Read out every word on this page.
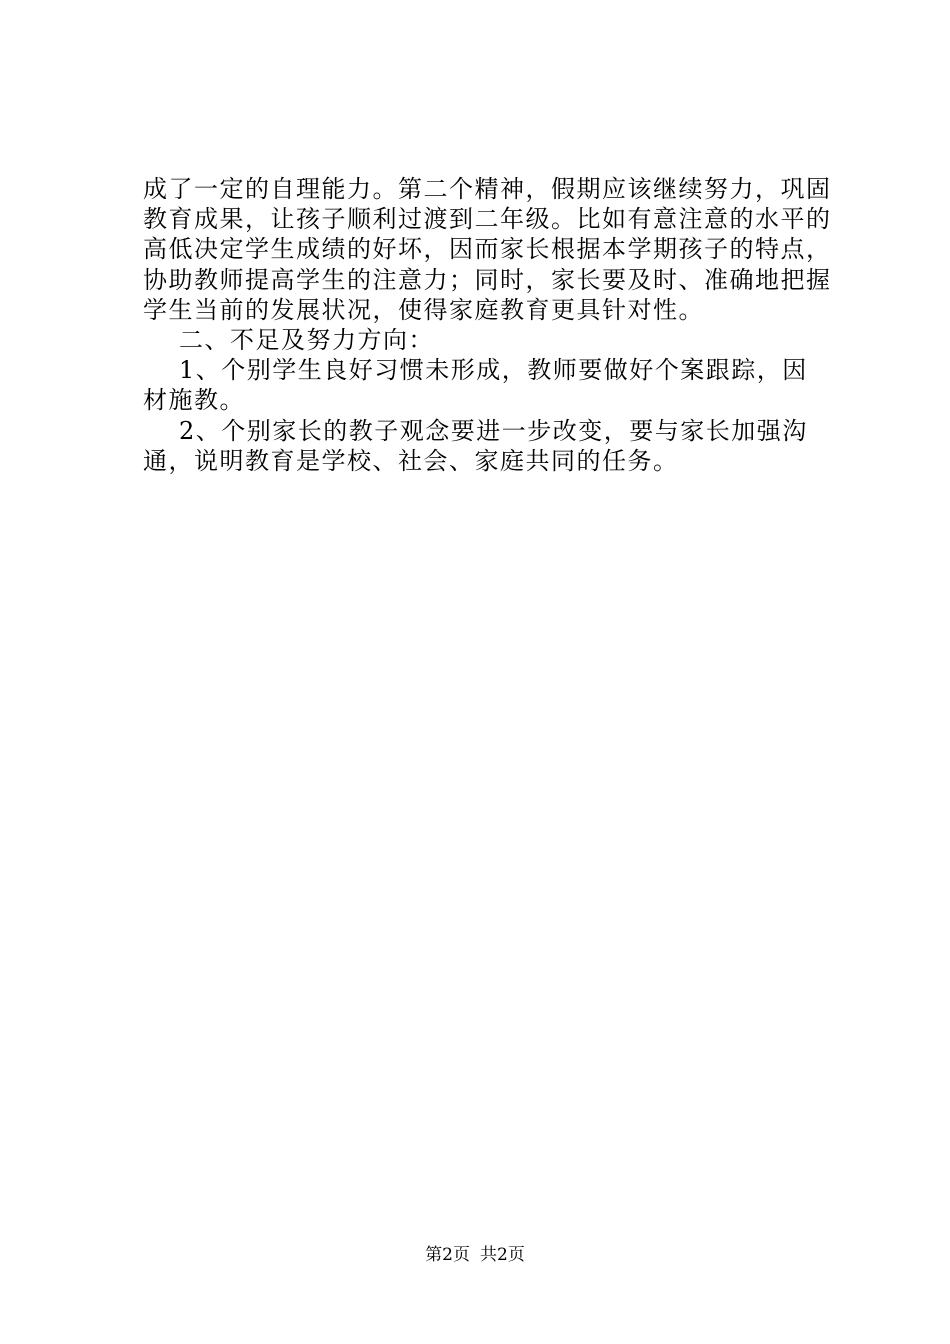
成了一定的自理能力。第二个精神，假期应该继续努力，巩固教育成果，让孩子顺利过渡到二年级。比如有意注意的水平的高低决定学生成绩的好坏，因而家长根据本学期孩子的特点，协助教师提高学生的注意力；同时，家长要及时、准确地把握学生当前的发展状况，使得家庭教育更具针对性。

二、不足及努力方向：

1、个别学生良好习惯未形成，教师要做好个案跟踪，因材施教。

2、个别家长的教子观念要进一步改变，要与家长加强沟通，说明教育是学校、社会、家庭共同的任务。

第2页 共2页
